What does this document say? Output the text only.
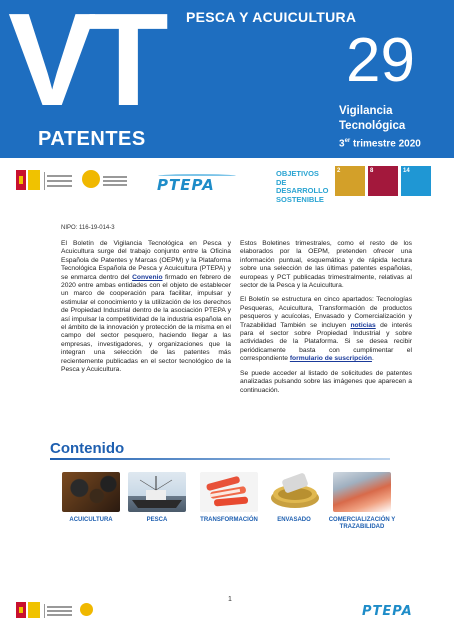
VT PESCA Y ACUICULTURA
29
Vigilancia
Tecnológica
3er trimestre 2020
PATENTES
PTEPA
OBJETIVOS
DE DESARROLLO
SOSTENIBLE
2	8	14
NIPO: 116-19-014-3

El Boletín de Vigilancia Tecnológica en Pesca y Acuicultura surge del trabajo conjunto entre la Oficina Española de Patentes y Marcas (OEPM) y la Plataforma Tecnológica Española de Pesca y Acuicultura (PTEPA) y se enmarca dentro del Convenio firmado en febrero de 2020 entre ambas entidades con el objeto de establecer un marco de cooperación para facilitar, impulsar y estimular el conocimiento y la utilización de los derechos de Propiedad Industrial dentro de la asociación PTEPA y así impulsar la competitividad de la industria española en el ámbito de la innovación y protección de la misma en el campo del sector pesquero, haciendo llegar a las empresas, investigadores, y organizaciones que la integran una selección de las patentes más recientemente publicadas en el sector tecnológico de la Pesca y Acuicultura.

Estos Boletines trimestrales, como el resto de los elaborados por la OEPM, pretenden ofrecer una información puntual, esquemática y de rápida lectura sobre una selección de las últimas patentes españolas, europeas y PCT publicadas trimestralmente, relativas al sector de la Pesca y la Acuicultura.

El Boletín se estructura en cinco apartados: Tecnologías Pesqueras, Acuicultura, Transformación de productos pesqueros y acuícolas, Envasado y Comercialización y Trazabilidad También se incluyen noticias de interés para el sector sobre Propiedad Industrial y sobre actividades de la Plataforma. Si se desea recibir periódicamente basta con cumplimentar el correspondiente formulario de suscripción.

Se puede acceder al listado de solicitudes de patentes analizadas pulsando sobre las imágenes que aparecen a continuación.

Contenido
ACUICULTURA	PESCA	TRANSFORMACIÓN	ENVASADO	COMERCIALIZACIÓN Y TRAZABILIDAD
1
PTEPA
